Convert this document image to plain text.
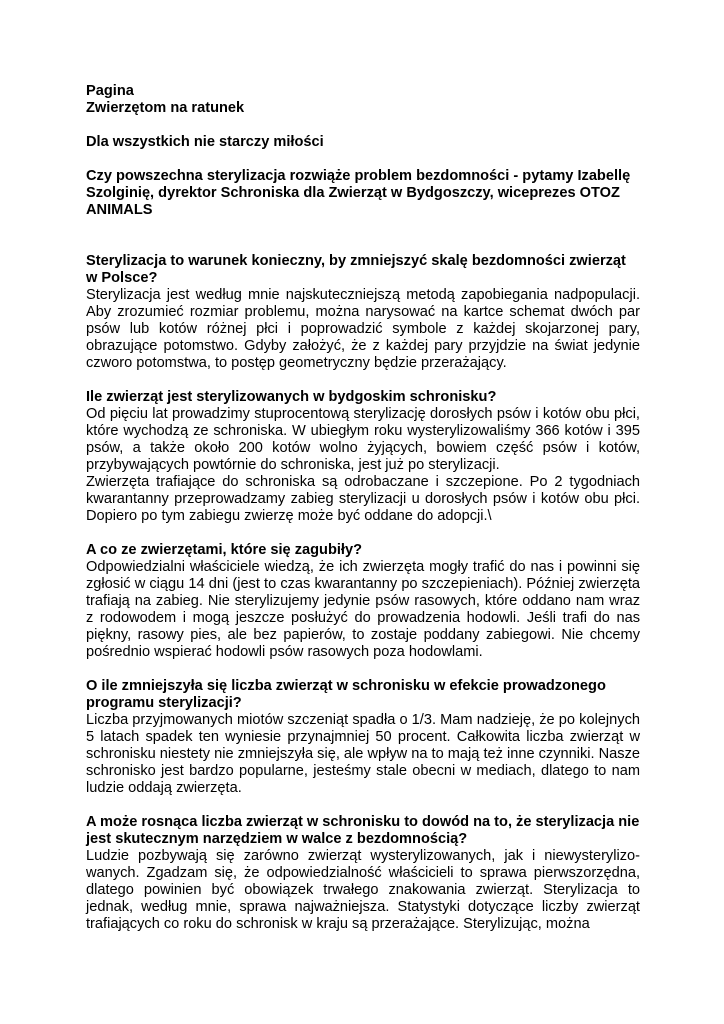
Pagina

Zwierzętom na ratunek

Dla wszystkich nie starczy miłości

Czy powszechna sterylizacja rozwiąże problem bezdomności - pytamy Izabellę Szolginię, dyrektor Schroniska dla Zwierząt w Bydgoszczy, wiceprezes OTOZ ANIMALS

Sterylizacja to warunek konieczny, by zmniejszyć skalę bezdomności zwierząt w Polsce?

Sterylizacja jest według mnie najskuteczniejszą metodą zapobiegania nadpopulacji. Aby zrozumieć rozmiar problemu, można narysować na kartce schemat dwóch par psów lub kotów różnej płci i poprowadzić symbole z każdej skojarzonej pary, obrazujące potomstwo. Gdyby założyć, że z każdej pary przyjdzie na świat jedynie czworo potomstwa, to postęp geometryczny będzie przerażający.

Ile zwierząt jest sterylizowanych w bydgoskim schronisku?

Od pięciu lat prowadzimy stuprocentową sterylizację dorosłych psów i kotów obu płci, które wychodzą ze schroniska. W ubiegłym roku wysterylizowaliśmy 366 kotów i 395 psów, a także około 200 kotów wolno żyjących, bowiem część psów i kotów, przybywających powtórnie do schroniska, jest już po sterylizacji.

Zwierzęta trafiające do schroniska są odrobaczane i szczepione. Po 2 tygodniach kwarantanny przeprowadzamy zabieg sterylizacji u dorosłych psów i kotów obu płci. Dopiero po tym zabiegu zwierzę może być oddane do adopcji.\

A co ze zwierzętami, które się zagubiły?

Odpowiedzialni właściciele wiedzą, że ich zwierzęta mogły trafić do nas i powinni się zgłosić w ciągu 14 dni (jest to czas kwarantanny po szczepieniach). Później zwierzęta trafiają na zabieg. Nie sterylizujemy jedynie psów rasowych, które oddano nam wraz z rodowodem i mogą jeszcze posłużyć do prowadzenia hodowli. Jeśli trafi do nas piękny, rasowy pies, ale bez papierów, to zostaje poddany zabiegowi. Nie chcemy pośrednio wspierać hodowli psów rasowych poza hodowlami.

O ile zmniejszyła się liczba zwierząt w schronisku w efekcie prowadzonego programu sterylizacji?

Liczba przyjmowanych miotów szczeniąt spadła o 1/3. Mam nadzieję, że po kolejnych 5 latach spadek ten wyniesie przynajmniej 50 procent. Całkowita liczba zwierząt w schronisku niestety nie zmniejszyła się, ale wpływ na to mają też inne czynniki. Nasze schronisko jest bardzo popularne, jesteśmy stale obecni w mediach, dlatego to nam ludzie oddają zwierzęta.

A może rosnąca liczba zwierząt w schronisku to dowód na to, że sterylizacja nie jest skutecznym narzędziem w walce z bezdomnością?

Ludzie pozbywają się zarówno zwierząt wysterylizowanych, jak i niewysterylizo-wanych. Zgadzam się, że odpowiedzialność właścicieli to sprawa pierwszorzędna, dlatego powinien być obowiązek trwałego znakowania zwierząt. Sterylizacja to jednak, według mnie, sprawa najważniejsza. Statystyki dotyczące liczby zwierząt trafiających co roku do schronisk w kraju są przerażające. Sterylizując, można
